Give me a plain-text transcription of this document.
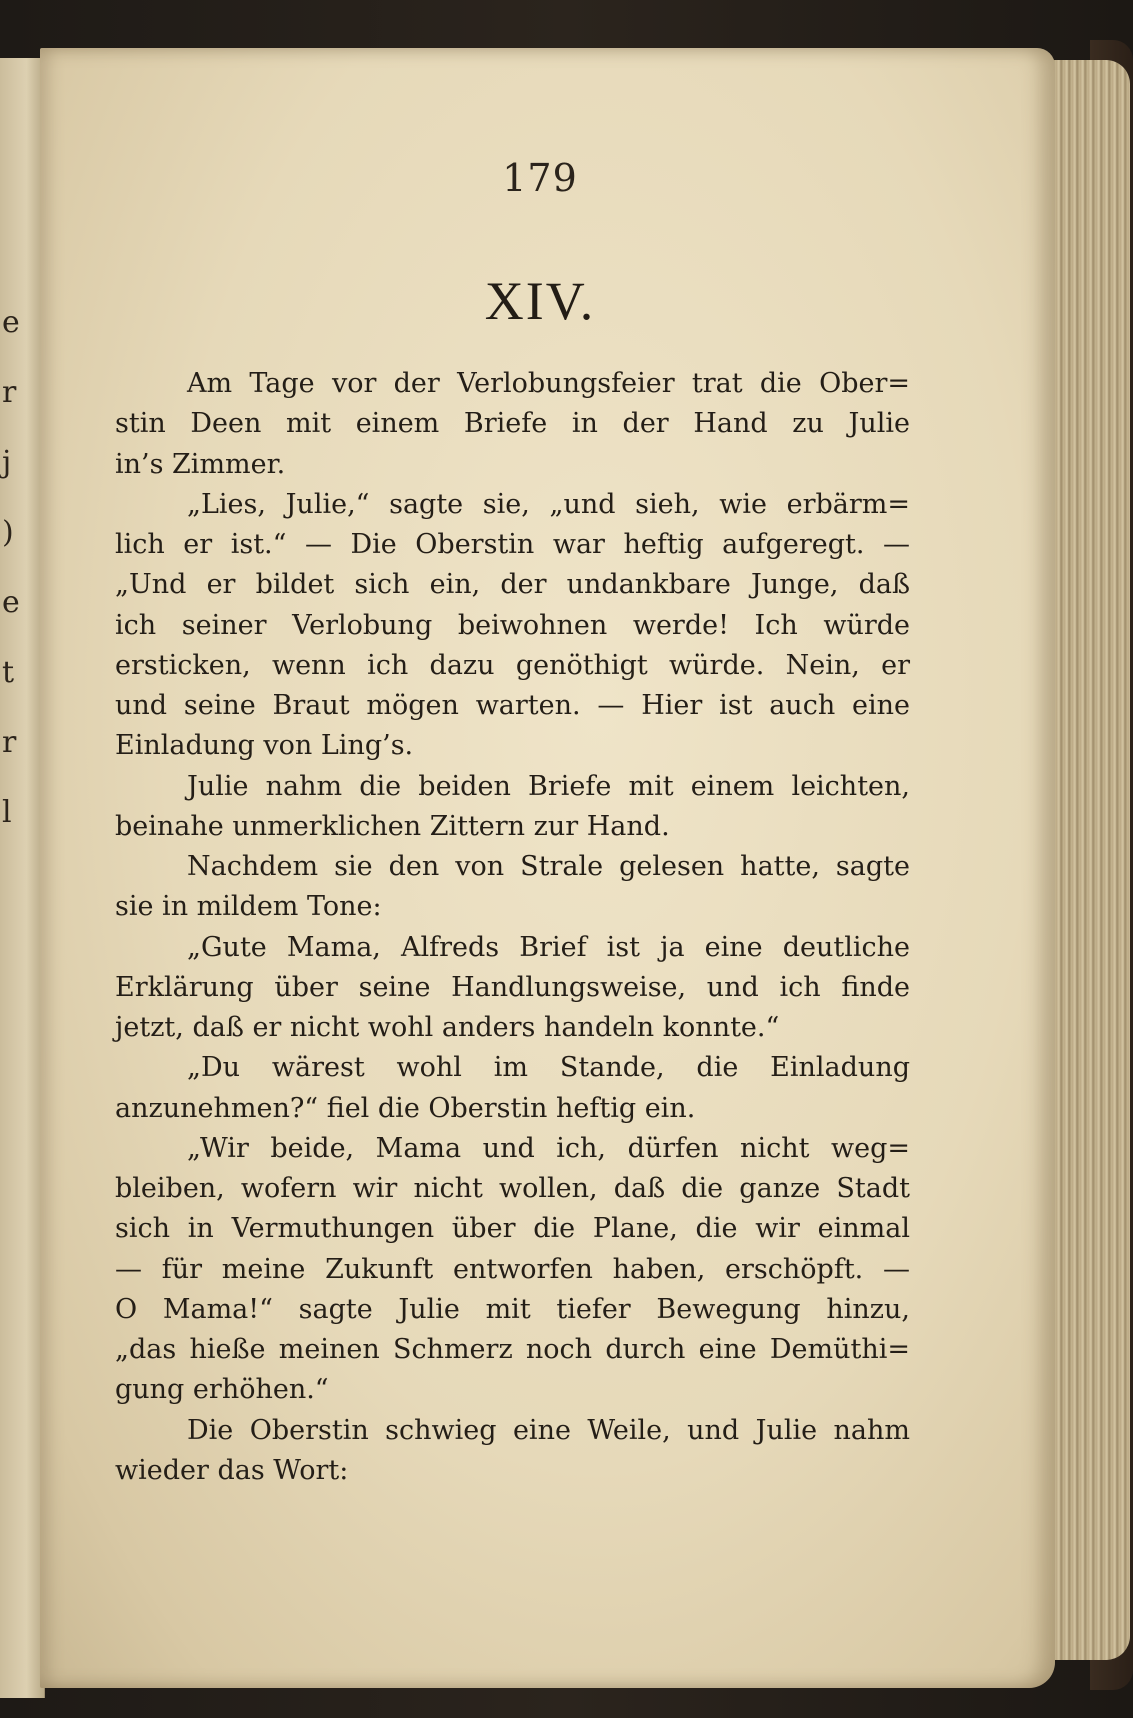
e
r
j
)
e
t
r
l
179
XIV.
Am Tage vor der Verlobungsfeier trat die Ober=
stin Deen mit einem Briefe in der Hand zu Julie
in’s Zimmer.
„Lies, Julie,“ sagte sie, „und sieh, wie erbärm=
lich er ist.“ — Die Oberstin war heftig aufgeregt. —
„Und er bildet sich ein, der undankbare Junge, daß
ich seiner Verlobung beiwohnen werde! Ich würde
ersticken, wenn ich dazu genöthigt würde. Nein, er
und seine Braut mögen warten. — Hier ist auch eine
Einladung von Ling’s.
Julie nahm die beiden Briefe mit einem leichten,
beinahe unmerklichen Zittern zur Hand.
Nachdem sie den von Strale gelesen hatte, sagte
sie in mildem Tone:
„Gute Mama, Alfreds Brief ist ja eine deutliche
Erklärung über seine Handlungsweise, und ich finde
jetzt, daß er nicht wohl anders handeln konnte.“
„Du wärest wohl im Stande, die Einladung
anzunehmen?“ fiel die Oberstin heftig ein.
„Wir beide, Mama und ich, dürfen nicht weg=
bleiben, wofern wir nicht wollen, daß die ganze Stadt
sich in Vermuthungen über die Plane, die wir einmal
— für meine Zukunft entworfen haben, erschöpft. —
O Mama!“ sagte Julie mit tiefer Bewegung hinzu,
„das hieße meinen Schmerz noch durch eine Demüthi=
gung erhöhen.“
Die Oberstin schwieg eine Weile, und Julie nahm
wieder das Wort:
